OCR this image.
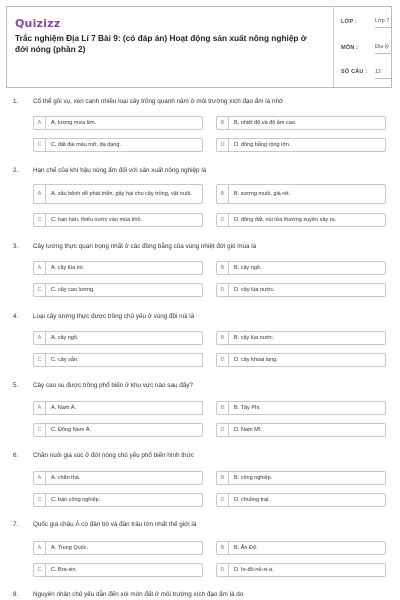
Quizizz
Trắc nghiệm Địa Lí 7 Bài 9: (có đáp án) Hoạt động sản xuất nông nghiệp ở đới nóng (phần 2)
LỚP :	Lớp 7
MÔN :	Địa lý
SỐ CÂU : 12
1. Cổ thể gồi vụ, xen canh nhiều loại cây trồng quanh năm ở môi trường xích đạo ẩm là nhờ
A	A. lượng mưa lớn.	B	B. nhiệt độ và độ ẩm cao.
C	C. đất đai màu mỡ, đa dạng.	D	D. đồng bằng rộng lớn.
2. Hạn chế của khí hậu nóng ẩm đối với sản xuất nông nghiệp là
A	A. sâu bệnh dễ phát triển, gây hại cho cây trồng, vật nuôi.	B	B. sương muối, giá rét.
C	C. hạn hán, thiếu nước vào mùa khô.	D	D. động đất, núi lửa thường xuyên xảy ra.
3. Cây lương thực quan trọng nhất ở các đồng bằng của vùng nhiệt đới gió mùa là
A	A. cây lúa mì.	B	B. cây ngô.
C	C. cây cao lương.	D	D. cây lúa nước.
4. Loại cây lương thực được trồng chủ yếu ở vùng đồi núi là
A	A. cây ngô.	B	B. cây lúa nước.
C	C. cây sắn.	D	D. cây khoai lang.
5. Cây cao su được trồng phổ biến ở khu vực nào sau đây?
A	A. Nam Á.	B	B. Tây Phi.
C	C. Đông Nam Á.	D	D. Nam Mĩ.
6. Chăn nuôi gia súc ở đới nóng chủ yếu phổ biến hình thức
A	A. chăn thả.	B	B. công nghiệp.
C	C. bán công nghiệp.	D	D. chuồng trại.
7. Quốc gia châu Á có đàn bò và đàn trâu lớn nhất thế giới là
A	A. Trung Quốc.	B	B. Ấn Độ.
C	C. Bra-xin.	D	D. In-đô-nê-xi-a.
8. Nguyên nhân chủ yếu dẫn đến xói mòn đất ở môi trường xích đạo ẩm là do
